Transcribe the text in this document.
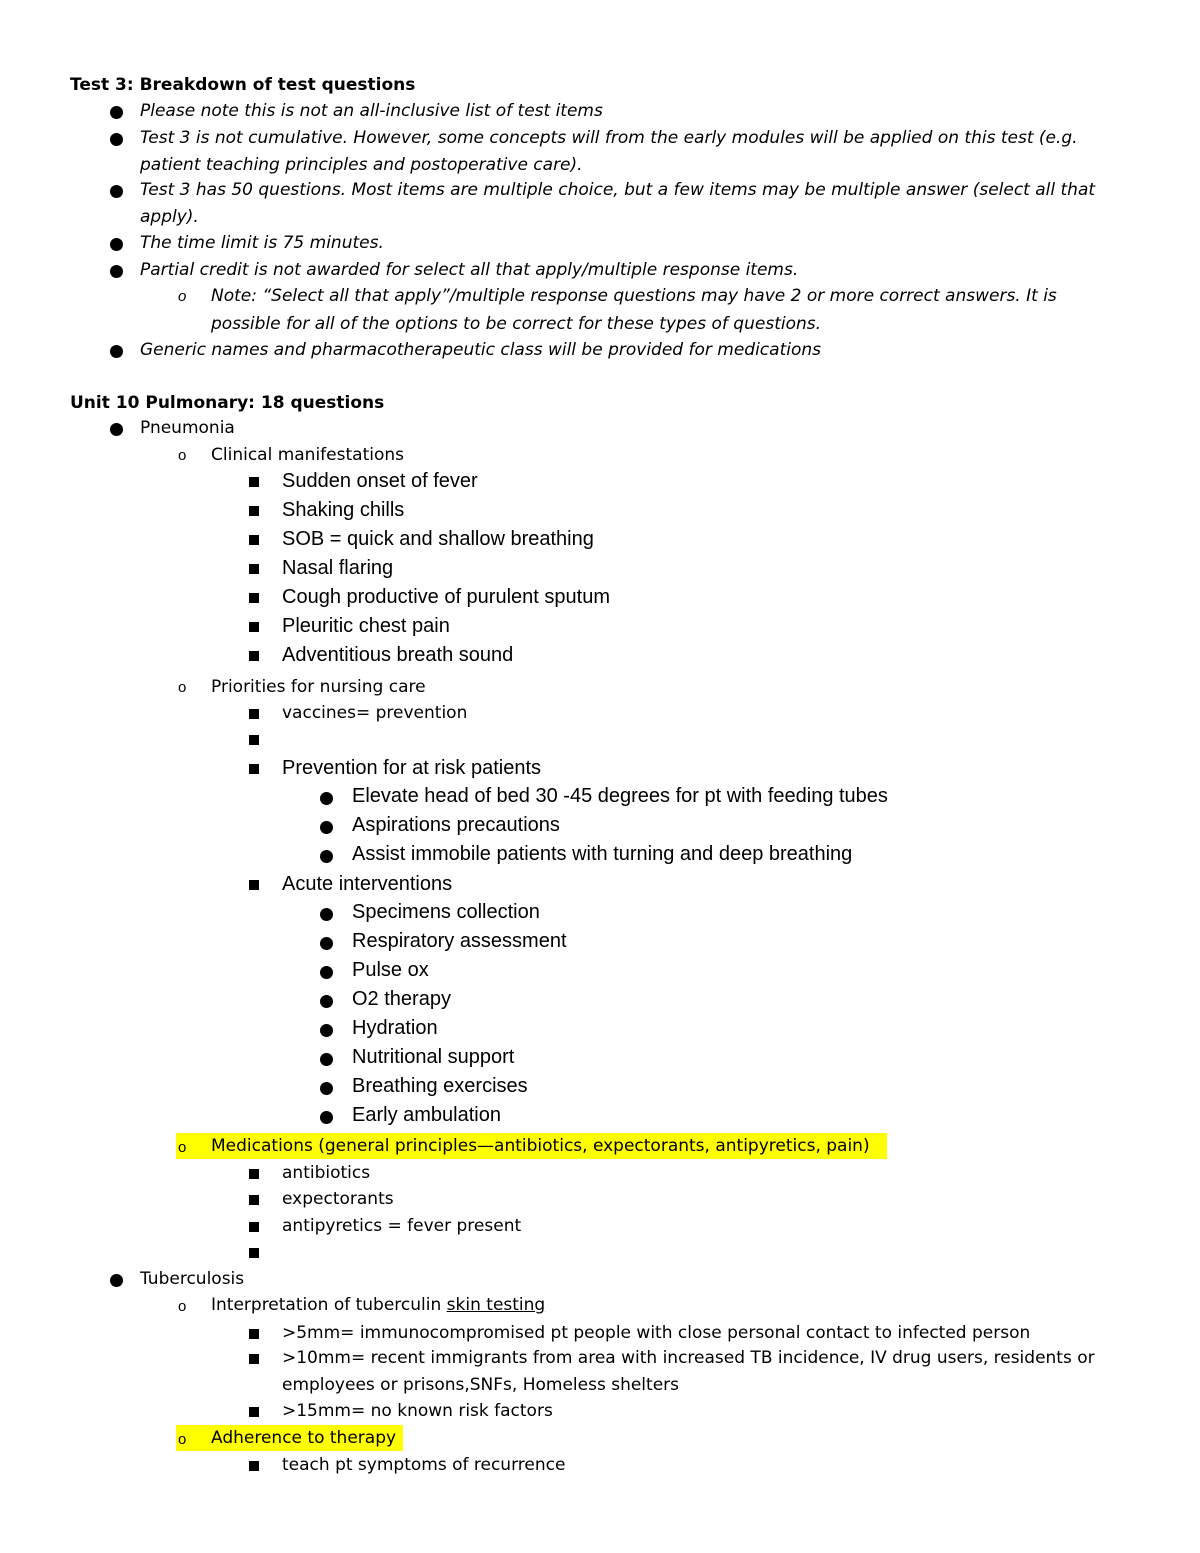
Test 3: Breakdown of test questions
Please note this is not an all-inclusive list of test items
Test 3 is not cumulative. However, some concepts will from the early modules will be applied on this test (e.g.
patient teaching principles and postoperative care).
Test 3 has 50 questions. Most items are multiple choice, but a few items may be multiple answer (select all that
apply).
The time limit is 75 minutes.
Partial credit is not awarded for select all that apply/multiple response items.
o Note: “Select all that apply”/multiple response questions may have 2 or more correct answers. It is
possible for all of the options to be correct for these types of questions.
Generic names and pharmacotherapeutic class will be provided for medications
Unit 10 Pulmonary: 18 questions
Pneumonia
o Clinical manifestations
Sudden onset of fever
Shaking chills
SOB = quick and shallow breathing
Nasal flaring
Cough productive of purulent sputum
Pleuritic chest pain
Adventitious breath sound
o Priorities for nursing care
vaccines= prevention
Prevention for at risk patients
Elevate head of bed 30 -45 degrees for pt with feeding tubes
Aspirations precautions
Assist immobile patients with turning and deep breathing
Acute interventions
Specimens collection
Respiratory assessment
Pulse ox
O2 therapy
Hydration
Nutritional support
Breathing exercises
Early ambulation
o Medications (general principles—antibiotics, expectorants, antipyretics, pain)
antibiotics
expectorants
antipyretics = fever present
Tuberculosis
o Interpretation of tuberculin skin testing
>5mm= immunocompromised pt people with close personal contact to infected person
>10mm= recent immigrants from area with increased TB incidence, IV drug users, residents or
employees or prisons,SNFs, Homeless shelters
>15mm= no known risk factors
o Adherence to therapy
teach pt symptoms of recurrence
